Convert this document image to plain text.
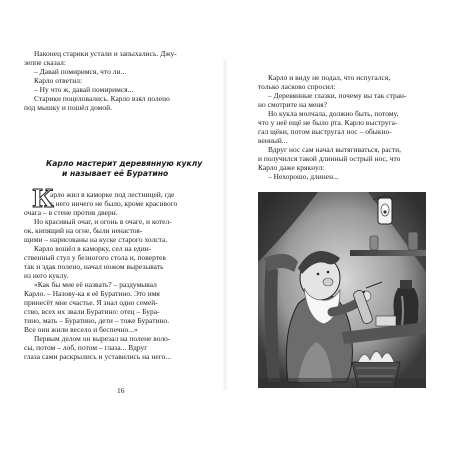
Наконец старики устали и запыхались. Джу-
зеппе сказал:
– Давай помиримся, что ли...
Карло ответил:
– Ну что ж, давай помиримся...
Старики поцеловались. Карло взял полено
под мышку и пошёл домой.
Карло мастерит деревянную куклу
и называет её Буратино
К
арло жил в каморке под лестницей, где
у него ничего не было, кроме красивого
очага – в стене против двери.
Но красивый очаг, и огонь в очаге, и котел-
ок, кипящий на огне, были ненастоя-
щими – нарисованы на куске старого холста.
Карло вошёл в каморку, сел на един-
ственный стул у безногого стола и, повертев
так и эдак полено, начал ножом вырезывать
из него куклу.
«Как бы мне её назвать? – раздумывал
Карло. – Назову-ка я её Буратино. Это имя
принесёт мне счастье. Я знал одно семей-
ство, всех их звали Буратино: отец – Бура-
тино, мать – Буратино, дети – тоже Буратино.
Все они жили весело и беспечно...»
Первым делом он вырезал на полене воло-
сы, потом – лоб, потом – глаза... Вдруг
глаза сами раскрылись и уставились на него...
16
Карло и виду не подал, что испугался,
только ласково спросил:
– Деревянные глазки, почему вы так стран-
но смотрите на меня?
Но кукла молчала, должно быть, потому,
что у неё ещё не было рта. Карло выструга-
гал щёки, потом выстругал нос – обыкно-
венный...
Вдруг нос сам начал вытягиваться, расти,
и получился такой длинный острый нос, что
Карло даже крякнул:
– Нехорошо, длинен...
